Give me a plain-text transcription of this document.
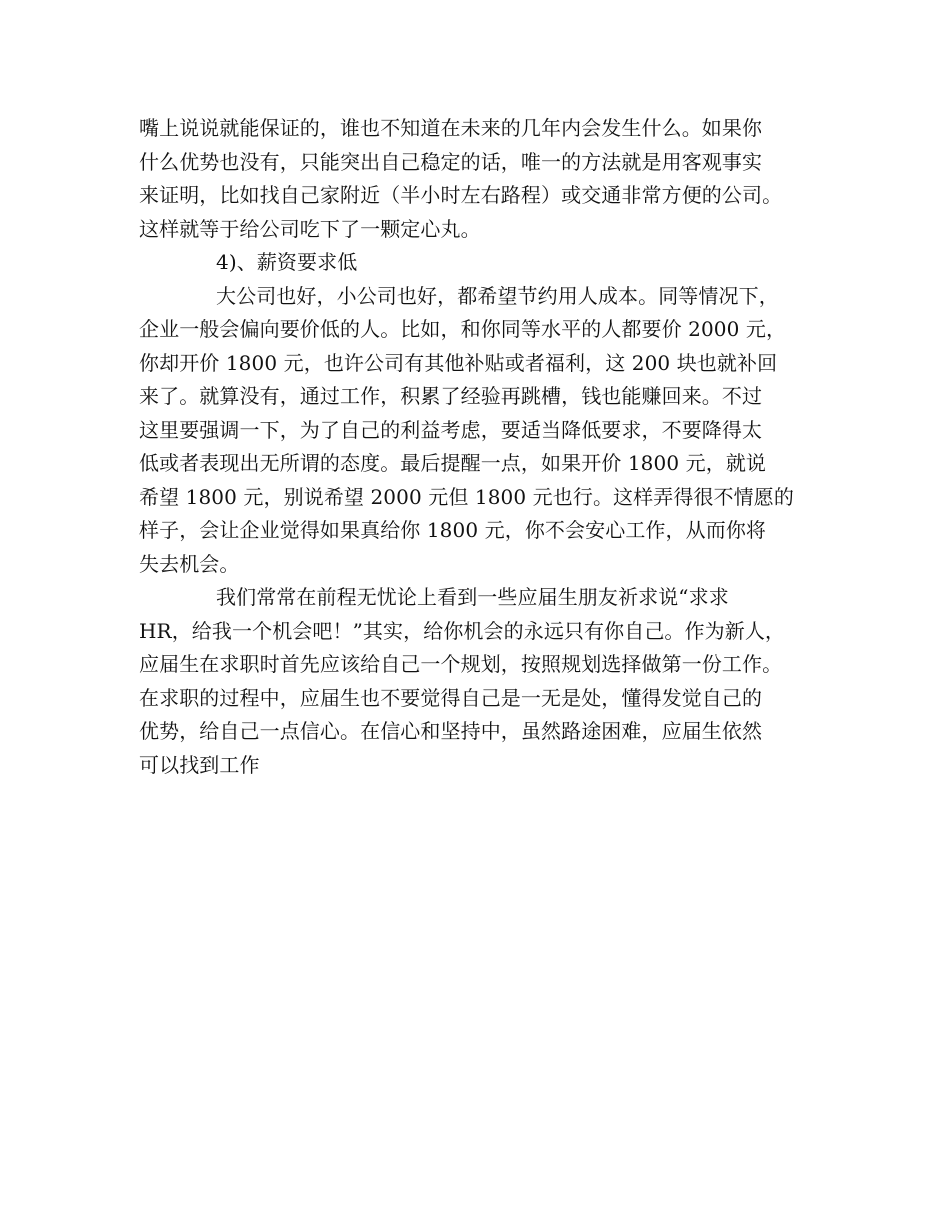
嘴上说说就能保证的，谁也不知道在未来的几年内会发生什么。如果你
什么优势也没有，只能突出自己稳定的话，唯一的方法就是用客观事实
来证明，比如找自己家附近（半小时左右路程）或交通非常方便的公司。
这样就等于给公司吃下了一颗定心丸。
4)、薪资要求低
大公司也好，小公司也好，都希望节约用人成本。同等情况下，
企业一般会偏向要价低的人。比如，和你同等水平的人都要价 2000 元，
你却开价 1800 元，也许公司有其他补贴或者福利，这 200 块也就补回
来了。就算没有，通过工作，积累了经验再跳槽，钱也能赚回来。不过
这里要强调一下，为了自己的利益考虑，要适当降低要求，不要降得太
低或者表现出无所谓的态度。最后提醒一点，如果开价 1800 元，就说
希望 1800 元，别说希望 2000 元但 1800 元也行。这样弄得很不情愿的
样子，会让企业觉得如果真给你 1800 元，你不会安心工作，从而你将
失去机会。
我们常常在前程无忧论上看到一些应届生朋友祈求说“求求
HR，给我一个机会吧！”其实，给你机会的永远只有你自己。作为新人，
应届生在求职时首先应该给自己一个规划，按照规划选择做第一份工作。
在求职的过程中，应届生也不要觉得自己是一无是处，懂得发觉自己的
优势，给自己一点信心。在信心和坚持中，虽然路途困难，应届生依然
可以找到工作
